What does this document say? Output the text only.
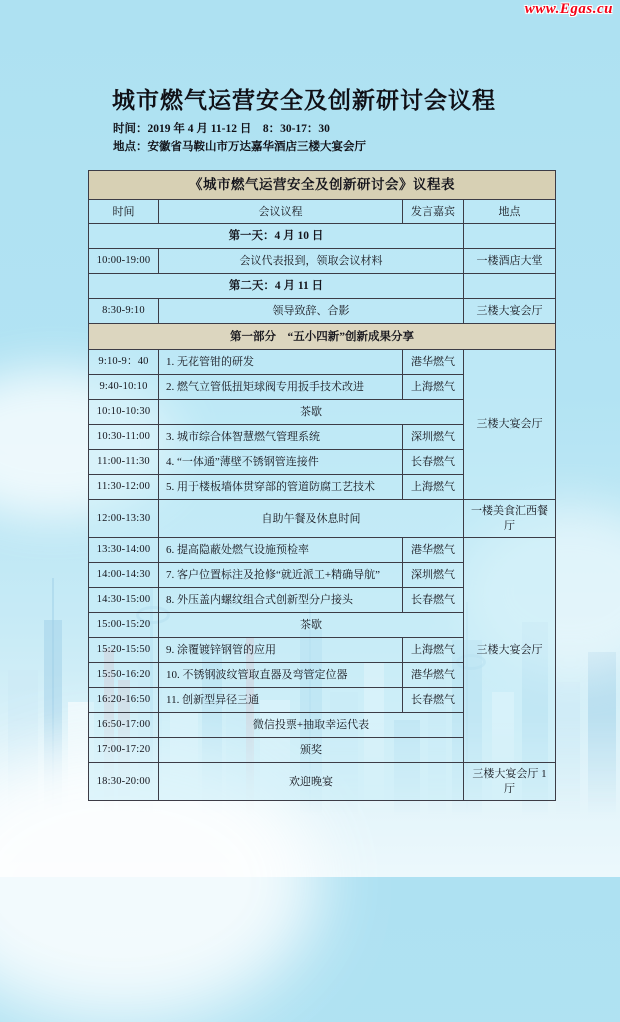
www.Egas.cu
城市燃气运营安全及创新研讨会议程
时间：2019 年 4 月 11-12 日　8：30-17：30
地点：安徽省马鞍山市万达嘉华酒店三楼大宴会厅
《城市燃气运营安全及创新研讨会》议程表			
时间	会议议程	发言嘉宾	地点
第一天：4 月 10 日			
10:00-19:00	会议代表报到，领取会议材料		一楼酒店大堂
第二天：4 月 11 日			
8:30-9:10	领导致辞、合影		三楼大宴会厅
第一部分　“五小四新”创新成果分享			
9:10-9：40	1. 无花管钳的研发	港华燃气	三楼大宴会厅
9:40-10:10	2. 燃气立管低扭矩球阀专用扳手技术改进	上海燃气	
10:10-10:30	茶歇		
10:30-11:00	3. 城市综合体智慧燃气管理系统	深圳燃气	
11:00-11:30	4. “一体通”薄壁不锈钢管连接件	长春燃气	
11:30-12:00	5. 用于楼板墙体贯穿部的管道防腐工艺技术	上海燃气	
12:00-13:30	自助午餐及休息时间		一楼美食汇西餐厅
13:30-14:00	6. 提高隐蔽处燃气设施预检率	港华燃气	三楼大宴会厅
14:00-14:30	7. 客户位置标注及抢修“就近派工+精确导航”	深圳燃气	
14:30-15:00	8. 外压盖内螺纹组合式创新型分户接头	长春燃气	
15:00-15:20	茶歇		
15:20-15:50	9. 涂覆镀锌钢管的应用	上海燃气	
15:50-16:20	10. 不锈钢波纹管取直器及弯管定位器	港华燃气	
16:20-16:50	11. 创新型异径三通	长春燃气	
16:50-17:00	微信投票+抽取幸运代表		
17:00-17:20	颁奖		
18:30-20:00	欢迎晚宴		三楼大宴会厅 1厅
